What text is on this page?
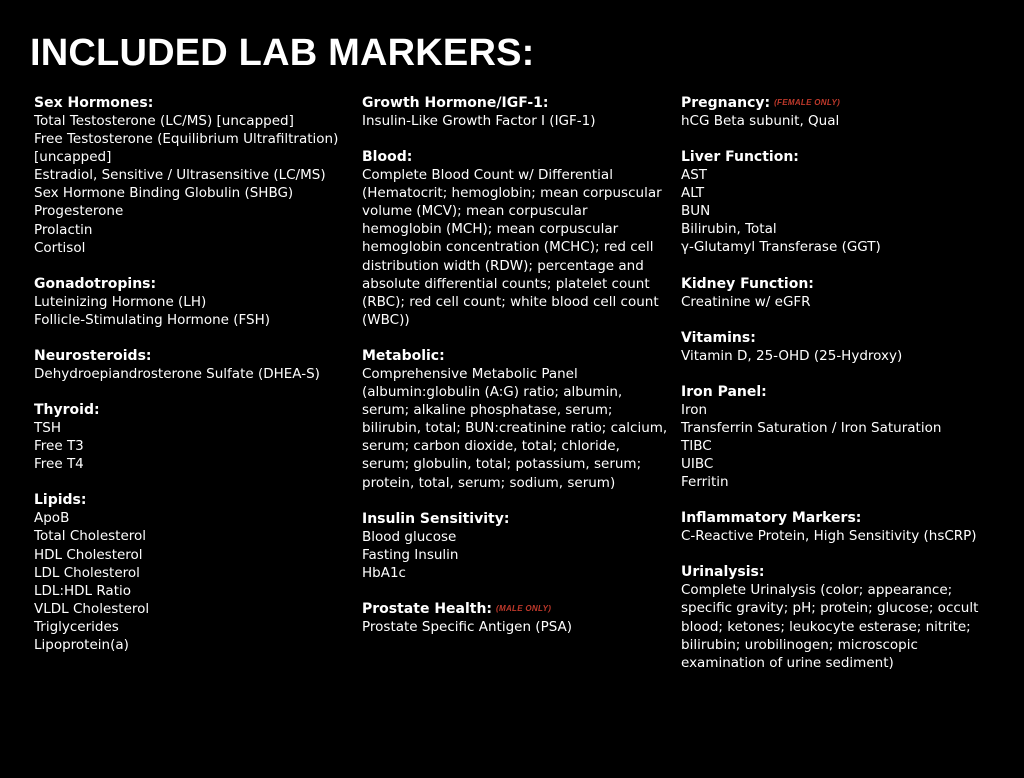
INCLUDED LAB MARKERS:

Sex Hormones:

Total Testosterone (LC/MS) [uncapped]

Free Testosterone (Equilibrium Ultrafiltration) [uncapped]

Estradiol, Sensitive / Ultrasensitive (LC/MS)

Sex Hormone Binding Globulin (SHBG)

Progesterone

Prolactin

Cortisol

Gonadotropins:

Luteinizing Hormone (LH)

Follicle-Stimulating Hormone (FSH)

Neurosteroids:

Dehydroepiandrosterone Sulfate (DHEA-S)

Thyroid:

TSH

Free T3

Free T4

Lipids:

ApoB

Total Cholesterol

HDL Cholesterol

LDL Cholesterol

LDL:HDL Ratio

VLDL Cholesterol

Triglycerides

Lipoprotein(a)

Growth Hormone/IGF-1:

Insulin-Like Growth Factor I (IGF-1)

Blood:

Complete Blood Count w/ Differential (Hematocrit; hemoglobin; mean corpuscular volume (MCV); mean corpuscular hemoglobin (MCH); mean corpuscular hemoglobin concentration (MCHC); red cell distribution width (RDW); percentage and absolute differential counts; platelet count (RBC); red cell count; white blood cell count (WBC))

Metabolic:

Comprehensive Metabolic Panel (albumin:globulin (A:G) ratio; albumin, serum; alkaline phosphatase, serum; bilirubin, total; BUN:creatinine ratio; calcium, serum; carbon dioxide, total; chloride, serum; globulin, total; potassium, serum; protein, total, serum; sodium, serum)

Insulin Sensitivity:

Blood glucose

Fasting Insulin

HbA1c

Prostate Health: (MALE ONLY)

Prostate Specific Antigen (PSA)

Pregnancy: (FEMALE ONLY)

hCG Beta subunit, Qual

Liver Function:

AST

ALT

BUN

Bilirubin, Total

γ-Glutamyl Transferase (GGT)

Kidney Function:

Creatinine w/ eGFR

Vitamins:

Vitamin D, 25-OHD (25-Hydroxy)

Iron Panel:

Iron

Transferrin Saturation / Iron Saturation

TIBC

UIBC

Ferritin

Inflammatory Markers:

C-Reactive Protein, High Sensitivity (hsCRP)

Urinalysis:

Complete Urinalysis (color; appearance; specific gravity; pH; protein; glucose; occult blood; ketones; leukocyte esterase; nitrite; bilirubin; urobilinogen; microscopic examination of urine sediment)
